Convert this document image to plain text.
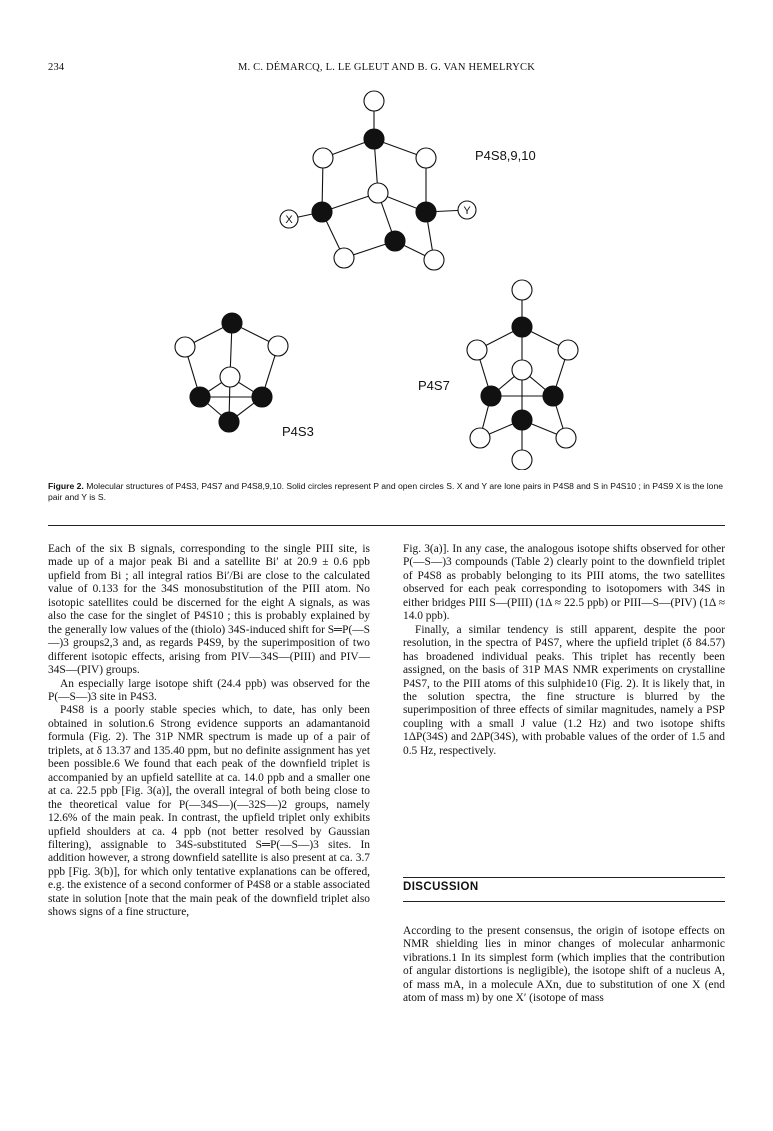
234	M. C. DÉMARCQ, L. LE GLEUT AND B. G. VAN HEMELRYCK
X
Y
P4S8,9,10
P4S3
P4S7
Figure 2. Molecular structures of P4S3, P4S7 and P4S8,9,10. Solid circles represent P and open circles S. X and Y are lone pairs in P4S8 and S in P4S10 ; in P4S9 X is the lone pair and Y is S.

Each of the six B signals, corresponding to the single PIII site, is made up of a major peak Bi and a satellite Bi′ at 20.9 ± 0.6 ppb upfield from Bi ; all integral ratios Bi′/Bi are close to the calculated value of 0.133 for the 34S monosubstitution of the PIII atom. No isotopic satellites could be discerned for the eight A signals, as was also the case for the singlet of P4S10 ; this is probably explained by the generally low values of the (thiolo) 34S-induced shift for S═P(—S—)3 groups2,3 and, as regards P4S9, by the superimposition of two different isotopic effects, arising from PIV—34S—(PIII) and PIV—34S—(PIV) groups.

An especially large isotope shift (24.4 ppb) was observed for the P(—S—)3 site in P4S3.

P4S8 is a poorly stable species which, to date, has only been obtained in solution.6 Strong evidence supports an adamantanoid formula (Fig. 2). The 31P NMR spectrum is made up of a pair of triplets, at δ 13.37 and 135.40 ppm, but no definite assignment has yet been possible.6 We found that each peak of the downfield triplet is accompanied by an upfield satellite at ca. 14.0 ppb and a smaller one at ca. 22.5 ppb [Fig. 3(a)], the overall integral of both being close to the theoretical value for P(—34S—)(—32S—)2 groups, namely 12.6% of the main peak. In contrast, the upfield triplet only exhibits upfield shoulders at ca. 4 ppb (not better resolved by Gaussian filtering), assignable to 34S-substituted S═P(—S—)3 sites. In addition however, a strong downfield satellite is also present at ca. 3.7 ppb [Fig. 3(b)], for which only tentative explanations can be offered, e.g. the existence of a second conformer of P4S8 or a stable associated state in solution [note that the main peak of the downfield triplet also shows signs of a fine structure,

Fig. 3(a)]. In any case, the analogous isotope shifts observed for other P(—S—)3 compounds (Table 2) clearly point to the downfield triplet of P4S8 as probably belonging to its PIII atoms, the two satellites observed for each peak corresponding to isotopomers with 34S in either bridges PIII S—(PIII) (1Δ ≈ 22.5 ppb) or PIII—S—(PIV) (1Δ ≈ 14.0 ppb).

Finally, a similar tendency is still apparent, despite the poor resolution, in the spectra of P4S7, where the upfield triplet (δ 84.57) has broadened individual peaks. This triplet has recently been assigned, on the basis of 31P MAS NMR experiments on crystalline P4S7, to the PIII atoms of this sulphide10 (Fig. 2). It is likely that, in the solution spectra, the fine structure is blurred by the superimposition of three effects of similar magnitudes, namely a PSP coupling with a small J value (1.2 Hz) and two isotope shifts 1ΔP(34S) and 2ΔP(34S), with probable values of the order of 1.5 and 0.5 Hz, respectively.

DISCUSSION

According to the present consensus, the origin of isotope effects on NMR shielding lies in minor changes of molecular anharmonic vibrations.1 In its simplest form (which implies that the contribution of angular distortions is negligible), the isotope shift of a nucleus A, of mass mA, in a molecule AXn, due to substitution of one X (end atom of mass m) by one X′ (isotope of mass
